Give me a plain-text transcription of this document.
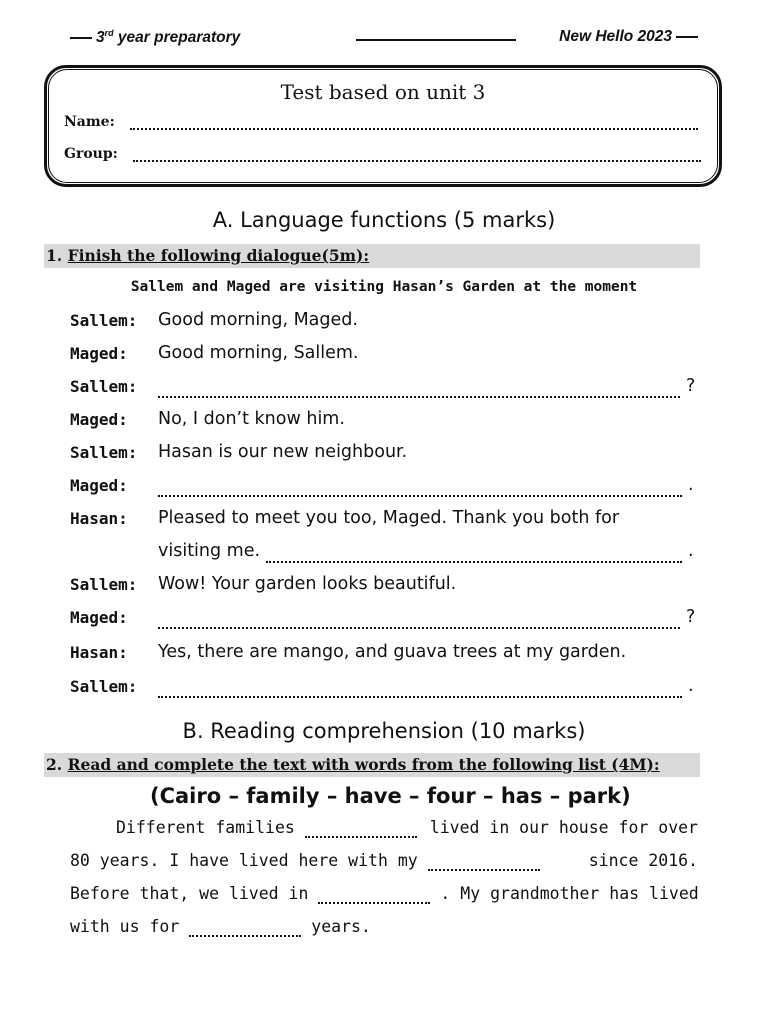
3rd year preparatory	New Hello 2023
Test based on unit 3
Name:
Group:
A. Language functions (5 marks)
1. Finish the following dialogue(5m):
Sallem and Maged are visiting Hasan’s Garden at the moment
Sallem: Good morning, Maged.
Maged: Good morning, Sallem.
Sallem:	?
Maged: No, I don’t know him.
Sallem: Hasan is our new neighbour.
Maged:	.
Hasan: Pleased to meet you too, Maged. Thank you both for
visiting me.	.
Sallem: Wow! Your garden looks beautiful.
Maged:	?
Hasan: Yes, there are mango, and guava trees at my garden.
Sallem:	.
B. Reading comprehension (10 marks)
2. Read and complete the text with words from the following list (4M):
(Cairo – family – have – four – has – park)
Different families	lived in our house for over
80 years. I have lived here with my	since 2016.
Before that, we lived in	. My grandmother has lived
with us for	years.
